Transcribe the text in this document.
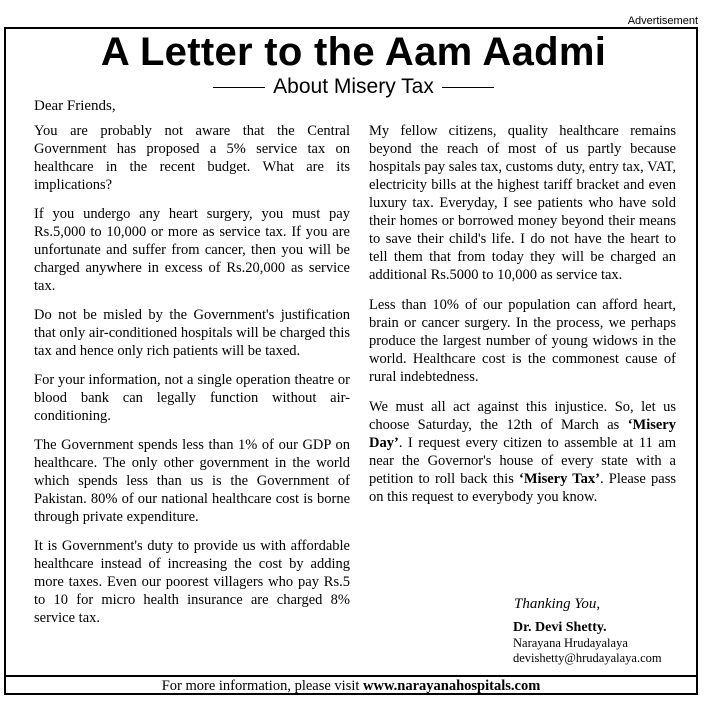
Advertisement
A Letter to the Aam Aadmi
About Misery Tax
Dear Friends,

You are probably not aware that the Central Government has proposed a 5% service tax on healthcare in the recent budget. What are its implications?

If you undergo any heart surgery, you must pay Rs.5,000 to 10,000 or more as service tax. If you are unfortunate and suffer from cancer, then you will be charged anywhere in excess of Rs.20,000 as service tax.

Do not be misled by the Government's justification that only air-conditioned hospitals will be charged this tax and hence only rich patients will be taxed.

For your information, not a single operation theatre or blood bank can legally function without air-conditioning.

The Government spends less than 1% of our GDP on healthcare. The only other government in the world which spends less than us is the Government of Pakistan. 80% of our national healthcare cost is borne through private expenditure.

It is Government's duty to provide us with affordable healthcare instead of increasing the cost by adding more taxes. Even our poorest villagers who pay Rs.5 to 10 for micro health insurance are charged 8% service tax.

My fellow citizens, quality healthcare remains beyond the reach of most of us partly because hospitals pay sales tax, customs duty, entry tax, VAT, electricity bills at the highest tariff bracket and even luxury tax. Everyday, I see patients who have sold their homes or borrowed money beyond their means to save their child's life. I do not have the heart to tell them that from today they will be charged an additional Rs.5000 to 10,000 as service tax.

Less than 10% of our population can afford heart, brain or cancer surgery. In the process, we perhaps produce the largest number of young widows in the world. Healthcare cost is the commonest cause of rural indebtedness.

We must all act against this injustice. So, let us choose Saturday, the 12th of March as ‘Misery Day’. I request every citizen to assemble at 11 am near the Governor's house of every state with a petition to roll back this ‘Misery Tax’. Please pass on this request to everybody you know.

Thanking You,
Dr. Devi Shetty.
Narayana Hrudayalaya
devishetty@hrudayalaya.com
For more information, please visit www.narayanahospitals.com
